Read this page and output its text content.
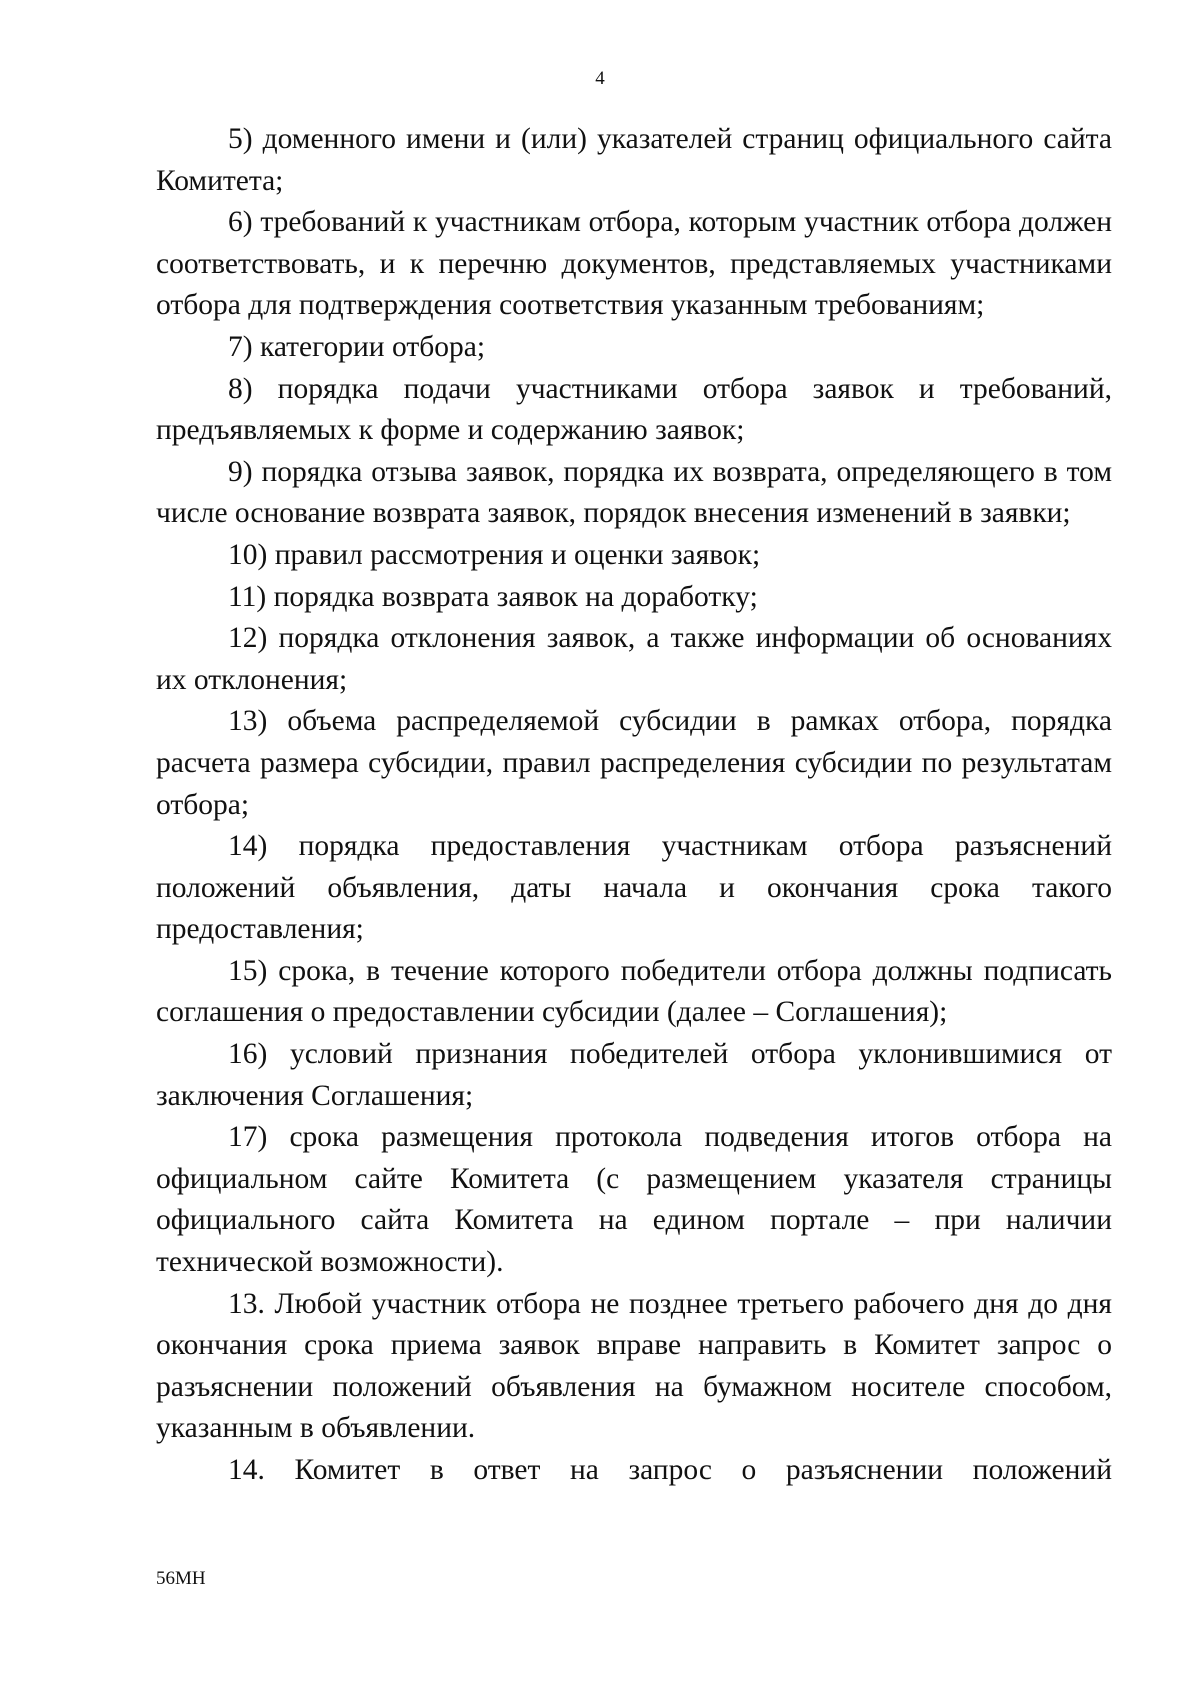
4

5) доменного имени и (или) указателей страниц официального сайта Комитета;

6) требований к участникам отбора, которым участник отбора должен соответствовать, и к перечню документов, представляемых участниками отбора для подтверждения соответствия указанным требованиям;

7) категории отбора;

8) порядка подачи участниками отбора заявок и требований, предъявляемых к форме и содержанию заявок;

9) порядка отзыва заявок, порядка их возврата, определяющего в том числе основание возврата заявок, порядок внесения изменений в заявки;

10) правил рассмотрения и оценки заявок;

11) порядка возврата заявок на доработку;

12) порядка отклонения заявок, а также информации об основаниях их отклонения;

13) объема распределяемой субсидии в рамках отбора, порядка расчета размера субсидии, правил распределения субсидии по результатам отбора;

14) порядка предоставления участникам отбора разъяснений положений объявления, даты начала и окончания срока такого предоставления;

15) срока, в течение которого победители отбора должны подписать соглашения о предоставлении субсидии (далее – Соглашения);

16) условий признания победителей отбора уклонившимися от заключения Соглашения;

17) срока размещения протокола подведения итогов отбора на официальном сайте Комитета (с размещением указателя страницы официального сайта Комитета на едином портале – при наличии технической возможности).

13. Любой участник отбора не позднее третьего рабочего дня до дня окончания срока приема заявок вправе направить в Комитет запрос о разъяснении положений объявления на бумажном носителе способом, указанным в объявлении.

14. Комитет в ответ на запрос о разъяснении положений

56МН
